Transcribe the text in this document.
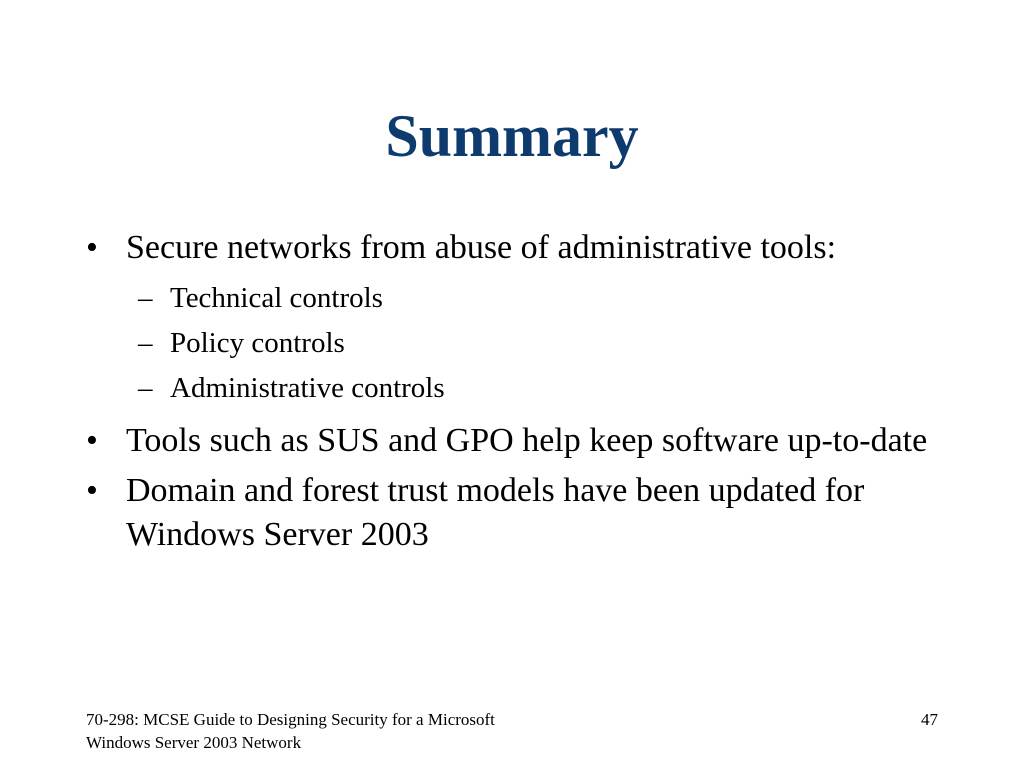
Summary
• Secure networks from abuse of administrative tools:
– Technical controls
– Policy controls
– Administrative controls
• Tools such as SUS and GPO help keep software up-to-date
• Domain and forest trust models have been updated for Windows Server 2003
70-298: MCSE Guide to Designing Security for a Microsoft
Windows Server 2003 Network
47
